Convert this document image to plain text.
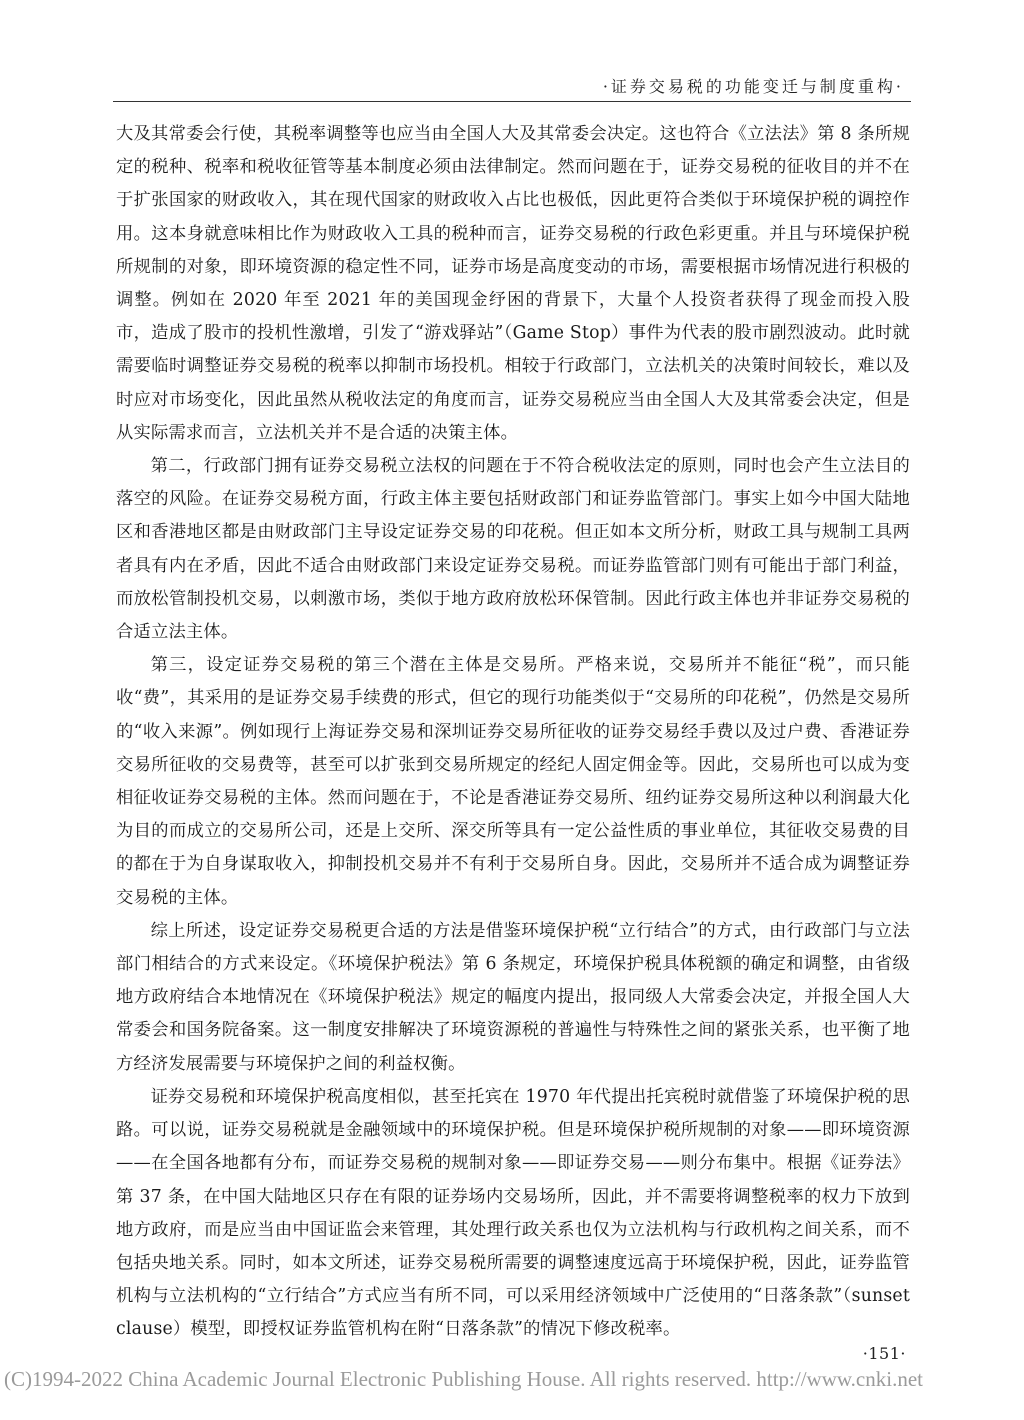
·证券交易税的功能变迁与制度重构·

大及其常委会行使，其税率调整等也应当由全国人大及其常委会决定。这也符合《立法法》第 8 条所规定的税种、税率和税收征管等基本制度必须由法律制定。然而问题在于，证券交易税的征收目的并不在于扩张国家的财政收入，其在现代国家的财政收入占比也极低，因此更符合类似于环境保护税的调控作用。这本身就意味相比作为财政收入工具的税种而言，证券交易税的行政色彩更重。并且与环境保护税所规制的对象，即环境资源的稳定性不同，证券市场是高度变动的市场，需要根据市场情况进行积极的调整。例如在 2020 年至 2021 年的美国现金纾困的背景下，大量个人投资者获得了现金而投入股市，造成了股市的投机性激增，引发了“游戏驿站”（Game Stop）事件为代表的股市剧烈波动。此时就需要临时调整证券交易税的税率以抑制市场投机。相较于行政部门，立法机关的决策时间较长，难以及时应对市场变化，因此虽然从税收法定的角度而言，证券交易税应当由全国人大及其常委会决定，但是从实际需求而言，立法机关并不是合适的决策主体。

第二，行政部门拥有证券交易税立法权的问题在于不符合税收法定的原则，同时也会产生立法目的落空的风险。在证券交易税方面，行政主体主要包括财政部门和证券监管部门。事实上如今中国大陆地区和香港地区都是由财政部门主导设定证券交易的印花税。但正如本文所分析，财政工具与规制工具两者具有内在矛盾，因此不适合由财政部门来设定证券交易税。而证券监管部门则有可能出于部门利益，而放松管制投机交易，以刺激市场，类似于地方政府放松环保管制。因此行政主体也并非证券交易税的合适立法主体。

第三，设定证券交易税的第三个潜在主体是交易所。严格来说，交易所并不能征“税”，而只能收“费”，其采用的是证券交易手续费的形式，但它的现行功能类似于“交易所的印花税”，仍然是交易所的“收入来源”。例如现行上海证券交易和深圳证券交易所征收的证券交易经手费以及过户费、香港证券交易所征收的交易费等，甚至可以扩张到交易所规定的经纪人固定佣金等。因此，交易所也可以成为变相征收证券交易税的主体。然而问题在于，不论是香港证券交易所、纽约证券交易所这种以利润最大化为目的而成立的交易所公司，还是上交所、深交所等具有一定公益性质的事业单位，其征收交易费的目的都在于为自身谋取收入，抑制投机交易并不有利于交易所自身。因此，交易所并不适合成为调整证券交易税的主体。

综上所述，设定证券交易税更合适的方法是借鉴环境保护税“立行结合”的方式，由行政部门与立法部门相结合的方式来设定。《环境保护税法》第 6 条规定，环境保护税具体税额的确定和调整，由省级地方政府结合本地情况在《环境保护税法》规定的幅度内提出，报同级人大常委会决定，并报全国人大常委会和国务院备案。这一制度安排解决了环境资源税的普遍性与特殊性之间的紧张关系，也平衡了地方经济发展需要与环境保护之间的利益权衡。

证券交易税和环境保护税高度相似，甚至托宾在 1970 年代提出托宾税时就借鉴了环境保护税的思路。可以说，证券交易税就是金融领域中的环境保护税。但是环境保护税所规制的对象——即环境资源——在全国各地都有分布，而证券交易税的规制对象——即证券交易——则分布集中。根据《证券法》第 37 条，在中国大陆地区只存在有限的证券场内交易场所，因此，并不需要将调整税率的权力下放到地方政府，而是应当由中国证监会来管理，其处理行政关系也仅为立法机构与行政机构之间关系，而不包括央地关系。同时，如本文所述，证券交易税所需要的调整速度远高于环境保护税，因此，证券监管机构与立法机构的“立行结合”方式应当有所不同，可以采用经济领域中广泛使用的“日落条款”（sunset clause）模型，即授权证券监管机构在附“日落条款”的情况下修改税率。

·151·
(C)1994-2022 China Academic Journal Electronic Publishing House. All rights reserved. http://www.cnki.net
